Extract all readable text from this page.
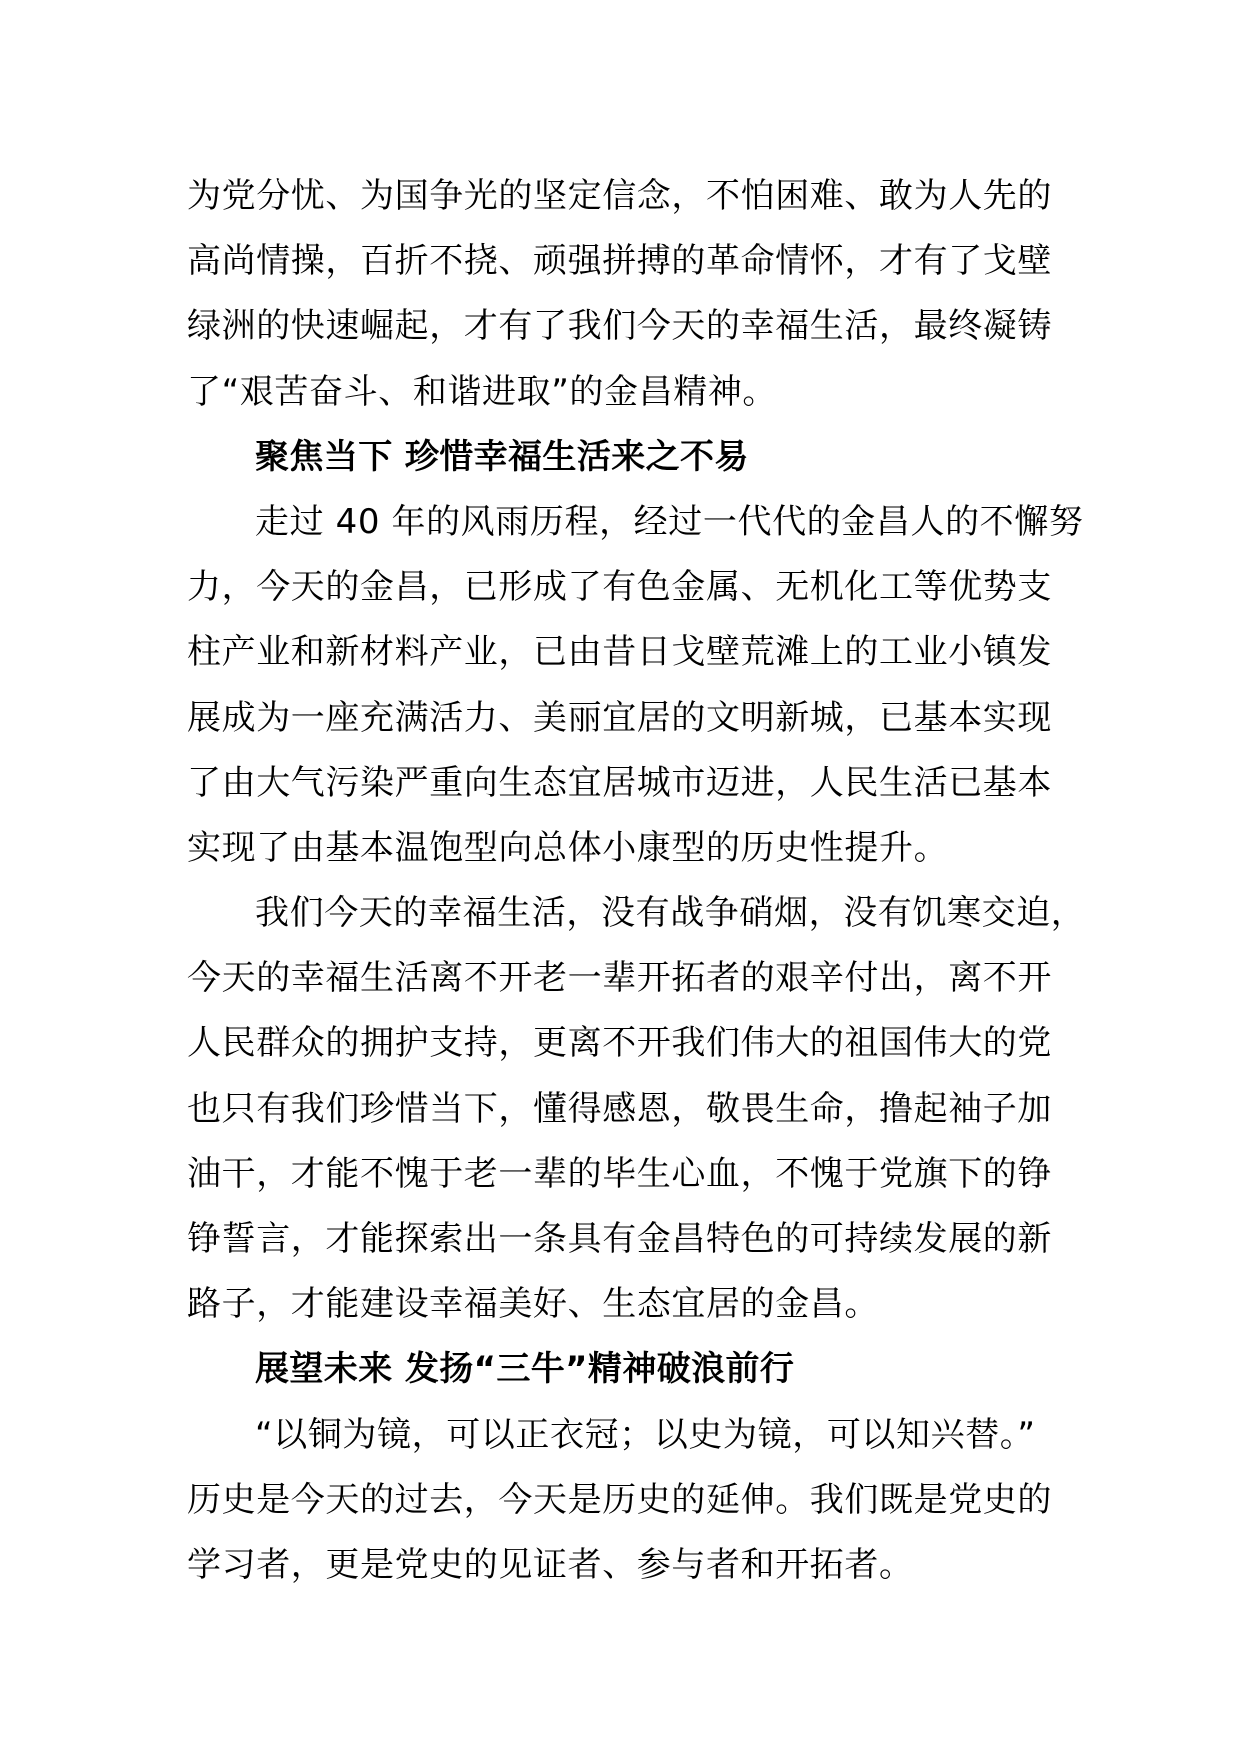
为党分忧、为国争光的坚定信念，不怕困难、敢为人先的
高尚情操，百折不挠、顽强拼搏的革命情怀，才有了戈壁
绿洲的快速崛起，才有了我们今天的幸福生活，最终凝铸
了“艰苦奋斗、和谐进取”的金昌精神。
聚焦当下 珍惜幸福生活来之不易
走过 40 年的风雨历程，经过一代代的金昌人的不懈努
力，今天的金昌，已形成了有色金属、无机化工等优势支
柱产业和新材料产业，已由昔日戈壁荒滩上的工业小镇发
展成为一座充满活力、美丽宜居的文明新城，已基本实现
了由大气污染严重向生态宜居城市迈进，人民生活已基本
实现了由基本温饱型向总体小康型的历史性提升。
我们今天的幸福生活，没有战争硝烟，没有饥寒交迫，
今天的幸福生活离不开老一辈开拓者的艰辛付出，离不开
人民群众的拥护支持，更离不开我们伟大的祖国伟大的党
也只有我们珍惜当下，懂得感恩，敬畏生命，撸起袖子加
油干，才能不愧于老一辈的毕生心血，不愧于党旗下的铮
铮誓言，才能探索出一条具有金昌特色的可持续发展的新
路子，才能建设幸福美好、生态宜居的金昌。
展望未来 发扬“三牛”精神破浪前行
“以铜为镜，可以正衣冠；以史为镜，可以知兴替。”
历史是今天的过去，今天是历史的延伸。我们既是党史的
学习者，更是党史的见证者、参与者和开拓者。
